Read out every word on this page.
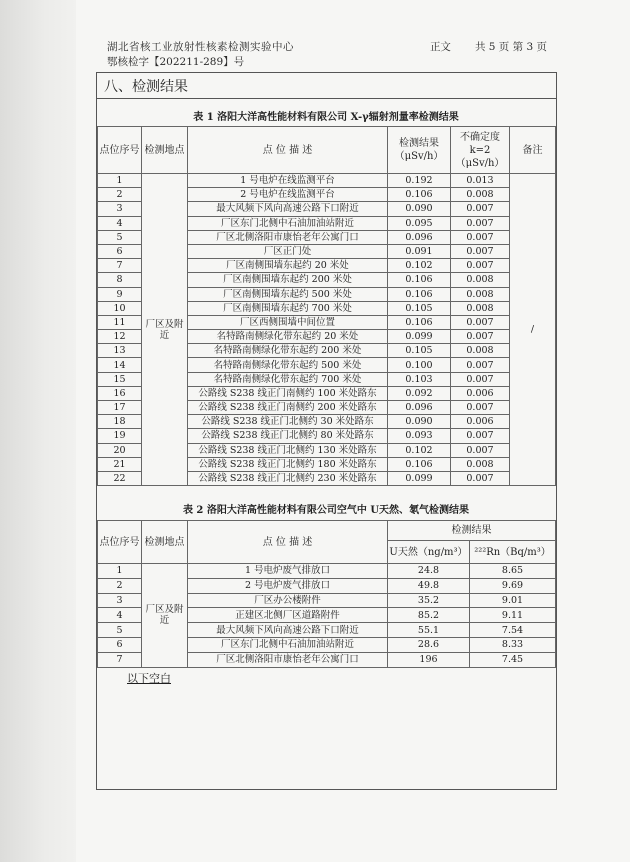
湖北省核工业放射性核素检测实验中心	正文 共 5 页 第 3 页
鄂核检字【202211-289】号
八、检测结果
表 1 洛阳大洋高性能材料有限公司 X-γ辐射剂量率检测结果
点位序号	检测地点	点 位 描 述	检测结果（μSv/h）	不确定度 k=2（μSv/h）	备注
1	厂区及附近	1 号电炉在线监测平台	0.192	0.013	/
2		2 号电炉在线监测平台	0.106	0.008	
3		最大风频下风向高速公路下口附近	0.090	0.007	
4		厂区东门北侧中石油加油站附近	0.095	0.007	
5		厂区北侧洛阳市康怡老年公寓门口	0.096	0.007	
6		厂区正门处	0.091	0.007	
7		厂区南侧围墙东起约 20 米处	0.102	0.007	
8		厂区南侧围墙东起约 200 米处	0.106	0.008	
9		厂区南侧围墙东起约 500 米处	0.106	0.008	
10		厂区南侧围墙东起约 700 米处	0.105	0.008	
11		厂区西侧围墙中间位置	0.106	0.007	
12		名特路南侧绿化带东起约 20 米处	0.099	0.007	
13		名特路南侧绿化带东起约 200 米处	0.105	0.008	
14		名特路南侧绿化带东起约 500 米处	0.100	0.007	
15		名特路南侧绿化带东起约 700 米处	0.103	0.007	
16		公路线 S238 线正门南侧约 100 米处路东	0.092	0.006	
17		公路线 S238 线正门南侧约 200 米处路东	0.096	0.007	
18		公路线 S238 线正门北侧约 30 米处路东	0.090	0.006	
19		公路线 S238 线正门北侧约 80 米处路东	0.093	0.007	
20		公路线 S238 线正门北侧约 130 米处路东	0.102	0.007	
21		公路线 S238 线正门北侧约 180 米处路东	0.106	0.008	
22		公路线 S238 线正门北侧约 230 米处路东	0.099	0.007	
表 2 洛阳大洋高性能材料有限公司空气中 U天然、氡气检测结果
点位序号	检测地点	点 位 描 述	检测结果	
			U天然（ng/m³）	²²²Rn（Bq/m³）
1	厂区及附近	1 号电炉废气排放口	24.8	8.65
2		2 号电炉废气排放口	49.8	9.69
3		厂区办公楼附件	35.2	9.01
4		正建区北侧厂区道路附件	85.2	9.11
5		最大风频下风向高速公路下口附近	55.1	7.54
6		厂区东门北侧中石油加油站附近	28.6	8.33
7		厂区北侧洛阳市康怡老年公寓门口	196	7.45
以下空白
